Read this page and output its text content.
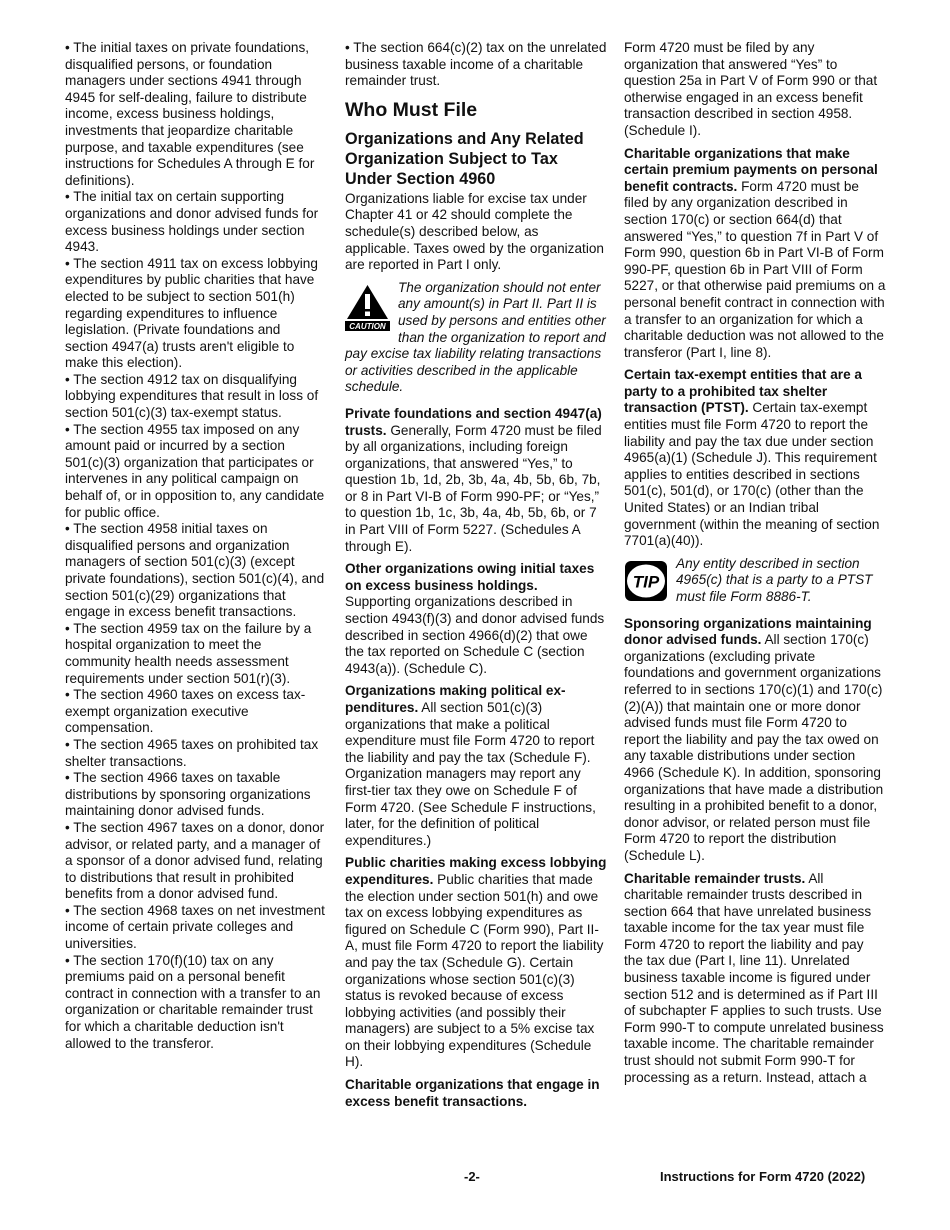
• The initial taxes on private foundations, disqualified persons, or foundation managers under sections 4941 through 4945 for self-dealing, failure to distribute income, excess business holdings, investments that jeopardize charitable purpose, and taxable expenditures (see instructions for Schedules A through E for definitions).

• The initial tax on certain supporting organizations and donor advised funds for excess business holdings under section 4943.

• The section 4911 tax on excess lobbying expenditures by public charities that have elected to be subject to section 501(h) regarding expenditures to influence legislation. (Private foundations and section 4947(a) trusts aren't eligible to make this election).

• The section 4912 tax on disqualifying lobbying expenditures that result in loss of section 501(c)(3) tax-exempt status.

• The section 4955 tax imposed on any amount paid or incurred by a section 501(c)(3) organization that participates or intervenes in any political campaign on behalf of, or in opposition to, any candidate for public office.

• The section 4958 initial taxes on disqualified persons and organization managers of section 501(c)(3) (except private foundations), section 501(c)(4), and section 501(c)(29) organizations that engage in excess benefit transactions.

• The section 4959 tax on the failure by a hospital organization to meet the community health needs assessment requirements under section 501(r)(3).

• The section 4960 taxes on excess tax-exempt organization executive compensation.

• The section 4965 taxes on prohibited tax shelter transactions.

• The section 4966 taxes on taxable distributions by sponsoring organizations maintaining donor advised funds.

• The section 4967 taxes on a donor, donor advisor, or related party, and a manager of a sponsor of a donor advised fund, relating to distributions that result in prohibited benefits from a donor advised fund.

• The section 4968 taxes on net investment income of certain private colleges and universities.

• The section 170(f)(10) tax on any premiums paid on a personal benefit contract in connection with a transfer to an organization or charitable remainder trust for which a charitable deduction isn't allowed to the transferor.

• The section 664(c)(2) tax on the unrelated business taxable income of a charitable remainder trust.

Who Must File
Organizations and Any Related Organization Subject to Tax Under Section 4960

Organizations liable for excise tax under Chapter 41 or 42 should complete the schedule(s) described below, as applicable. Taxes owed by the organization are reported in Part I only.

CAUTION
The organization should not enter any amount(s) in Part II. Part II is used by persons and entities other than the organization to report and pay excise tax liability relating transactions or activities described in the applicable schedule.

Private foundations and section 4947(a) trusts. Generally, Form 4720 must be filed by all organizations, including foreign organizations, that answered “Yes,” to question 1b, 1d, 2b, 3b, 4a, 4b, 5b, 6b, 7b, or 8 in Part VI-B of Form 990-PF; or “Yes,” to question 1b, 1c, 3b, 4a, 4b, 5b, 6b, or 7 in Part VIII of Form 5227. (Schedules A through E).

Other organizations owing initial taxes on excess business holdings. Supporting organizations described in section 4943(f)(3) and donor advised funds described in section 4966(d)(2) that owe the tax reported on Schedule C (section 4943(a)). (Schedule C).

Organizations making political expenditures. All section 501(c)(3) organizations that make a political expenditure must file Form 4720 to report the liability and pay the tax (Schedule F). Organization managers may report any first-tier tax they owe on Schedule F of Form 4720. (See Schedule F instructions, later, for the definition of political expenditures.)

Public charities making excess lobbying expenditures. Public charities that made the election under section 501(h) and owe tax on excess lobbying expenditures as figured on Schedule C (Form 990), Part II-A, must file Form 4720 to report the liability and pay the tax (Schedule G). Certain organizations whose section 501(c)(3) status is revoked because of excess lobbying activities (and possibly their managers) are subject to a 5% excise tax on their lobbying expenditures (Schedule H).

Charitable organizations that engage in excess benefit transactions.

Form 4720 must be filed by any organization that answered “Yes” to question 25a in Part V of Form 990 or that otherwise engaged in an excess benefit transaction described in section 4958. (Schedule I).

Charitable organizations that make certain premium payments on personal benefit contracts. Form 4720 must be filed by any organization described in section 170(c) or section 664(d) that answered “Yes,” to question 7f in Part V of Form 990, question 6b in Part VI-B of Form 990-PF, question 6b in Part VIII of Form 5227, or that otherwise paid premiums on a personal benefit contract in connection with a transfer to an organization for which a charitable deduction was not allowed to the transferor (Part I, line 8).

Certain tax-exempt entities that are a party to a prohibited tax shelter transaction (PTST). Certain tax-exempt entities must file Form 4720 to report the liability and pay the tax due under section 4965(a)(1) (Schedule J). This requirement applies to entities described in sections 501(c), 501(d), or 170(c) (other than the United States) or an Indian tribal government (within the meaning of section 7701(a)(40)).

TIP
Any entity described in section 4965(c) that is a party to a PTST must file Form 8886-T.

Sponsoring organizations maintaining donor advised funds. All section 170(c) organizations (excluding private foundations and government organizations referred to in sections 170(c)(1) and 170(c)(2)(A)) that maintain one or more donor advised funds must file Form 4720 to report the liability and pay the tax owed on any taxable distributions under section 4966 (Schedule K). In addition, sponsoring organizations that have made a distribution resulting in a prohibited benefit to a donor, donor advisor, or related person must file Form 4720 to report the distribution (Schedule L).

Charitable remainder trusts. All charitable remainder trusts described in section 664 that have unrelated business taxable income for the tax year must file Form 4720 to report the liability and pay the tax due (Part I, line 11). Unrelated business taxable income is figured under section 512 and is determined as if Part III of subchapter F applies to such trusts. Use Form 990-T to compute unrelated business taxable income. The charitable remainder trust should not submit Form 990-T for processing as a return. Instead, attach a

-2-	Instructions for Form 4720 (2022)
